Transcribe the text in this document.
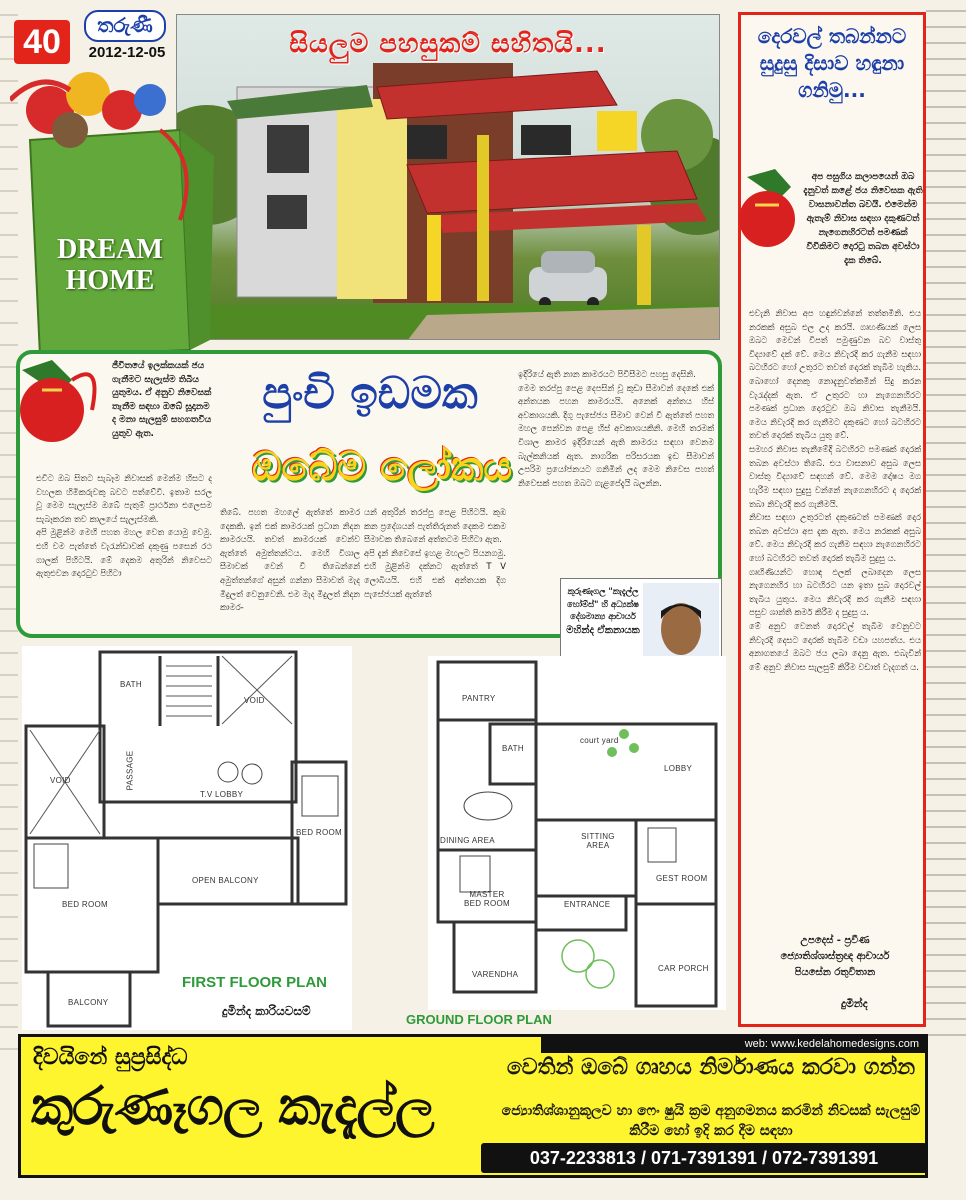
40	තරුණී
2012-12-05	සියලුම පහසුකම් සහිතයි...
DREAM HOME
ජීවිතයේ ඉලක්කයක් ජය ගැනීමට සැලැස්ම තිබිය යුතුමය. ඒ අනුව නිවෙසක් තැනීම සඳහා ඔබේ සූදානම ද මනා සැලසුම් සහගතවිය යුතුව ඇත.
පුංචි ඉඩමක
ඔබේම ලෝකය
එවිට ඔබ සිතට සැබෑම නිවාසක් මෙන්ම හිසට ද වහලක හිමිකරුවකු බවට පත්වේවි. ඉතාම සරල වූ මෙම සැලැස්ම ඔබේ පැතුම් ප්‍රාර්ථනා එලෙසම සැබෑකරන තව කාලයේ සැලැස්මකි.
අපි මුළින්ම මෙහි පහත මහල වෙත යොමු වෙමු. එහි වම පැත්තේ වැරැන්ඩාවක් දකුණු පසෙන් රථ ගාලක් පිහිටයි. මේ දෙකම අතුරින් නිවෙසට ඇතුළුවන දොරටුව පිහිටා
තිබේ. පහත මහලේ ඇත්තේ කාමර දෙකකි. ඉන් එක් කාමරයක් ප්‍රධාන නිදන කාමරයයි. තවත් කාමරයක් වෙන්ව ඇත්තේ අමුත්තන්ටය. මෙහි විශාල සීමාවක් වෙන් වී තිබෙන්නේ අමුත්තන්ගේ අසුන් ගන්නා සීමාවත් මැද මිදුලත් වෙනුවෙනි. එම මැද මිදුලත් නිදන කාමර-
යන් අතුරින් තරප්පු පෙළ පිහිටයි. කුඹ කන ප්‍රදේශයන් පැත්තිරුනත් දෙකම එකම සීමාවක තිබෙනේ අත්තටම පිහිටා ඇත.
අපි දැන් නිවෙසේ ඉහළ මහලට පියනගමු. එහි මුළින්ම දක්නට ඇත්තේ T V ලොබියයි. එහි එක් අන්තයක දිග පැසේජයක් ඇත්තේ
ඉදිරියේ ඇති නාන කාමරයට පිවිසීමට පහසු දෙසිනි.
මෙම තරප්පු පෙළ දෙපසින් වූ කුඩා සීමාවන් දෙකේ එක් අන්තයක පහන කාමරයයි. අනෙක් අන්තය හිස් අවකාශයකි. දිගු පැසේජය සීමාව වෙන් වී ඇත්තේ පහත මහල පෙන්වන පෙළ හිස් අවකාශයකිනි. මෙහි තරමක් විශාල කාමර ඉදිරියෙන් ඇති කාමරය සඳහා වෙනම බැල්කනියක් ඇත. නාගරික පරිසරයක ඉඩ සීමාවන් උපරිම ප්‍රයෝජනයට ගනිමින් ලද මෙම නිවෙස පහත් නිවෙසක් පහත ඔබට ගැළපේදැයි බලන්න.
කුරුණෑගල "කැදැල්ල හෝම්ස්" හි අධ්‍යක්ෂ දේශමාන්‍ය ආචාර්ය
මහින්ද ඒකනායක
BATH
VOID
VOID	PASSAGE
T.V LOBBY
BED ROOM
OPEN BALCONY
BED ROOM
BALCONY
FIRST FLOOR PLAN
දුමින්ද කාරියවසම්
PANTRY
BATH
court yard
LOBBY
DINING AREA	SITTING AREA
MASTER BED ROOM
GEST ROOM
ENTRANCE
VARENDHA
CAR PORCH
GROUND FLOOR PLAN
දෙරවල් තබන්නට සුදුසු දිසාව හඳුනා ගනිමු...
අප පසුගිය කලාපයෙන් ඔබ දැනුවත් කළේ ජය නිවෙසක ඇති වාසනාවන්ත බවයි. එමෙන්ම ඇතැම් නිවාස සඳහා දකුණටත් නැගෙනහිරටත් පමණක් විවිකිමට දොරටු තබන අවස්ථා දැක තිබේ.
එවැනි නිවාස අප හඳුන්වන්නේ තත්තමිනි. එය නරකක් අසුබ එල උද කරයි. ගෘහණියක් ලෙස ඔබට මෙවන් විපත් පමුණුවන බව වාස්තු විද්‍යාවේ දක් වේ. මෙය නිවැරදි කර ගැනීම සඳහා බටහිරට හෝ උතුරට තවත් දොරක් තැබීම හැකිය. බොහෝ දෙනකු නොදැනුවත්කමින් සිදු කරන වැරැද්දක් ඇත. ඒ උතුරට හා නැගෙනහිරට පමණක් ප්‍රධාන දොරටුව ඔබ නිවාස තැනීමයි. මෙය නිවැරදි කර ගැනීමට දකුණට හෝ බටහිරට තවත් දොරක් තැබිය යුතු වේ.
සමහර නිවාස තැනීමේදී බටහිරට පමණක් දොරක් තබන අවස්ථා තිබේ. එය වාසනාව අසුබ ලෙස වාස්තු විද්‍යාවේ සඳහන් වේ. මෙම දෝෂය මග හැරීම සඳහා සුදුසු වන්නේ නැගෙනහිරට ද දොරක් තබා නිවැරදි කර ගැනීමයි.
නිවාස සඳහා උතුරටත් දකුණටත් පමණක් දොර තබන අවස්ථා අප දැක ඇත. මෙය නරකක් අසුබ වේ. මෙය නිවැරදි කර ගැනීම සඳහා නැගෙනහිරට හෝ බටහිරට තවත් දොරක් තැබීම සුදුසු ය.
ගෘහිණියන්ට හොඳ ඵලක් ලබාදෙන ලෙස නැගෙනහිර හා බටහිරට යන ඉතා සුබ දොරවල් තැබිය යුතුය. මෙය නිවැරදි කර ගැනීම සඳහා පසුව ශාන්ති කර්ම කිරීම ද සුදුසු ය.
මේ අනුව වෙනත් දොරවල් තැබීම වෙනුවට නිවැරදි දෙසට දොරක් තැබීම වඩා යහපත්ය. එය අනාගතයේ ඔබට ජය ලබා දෙනු ඇත. එබැවින් මේ අනුව නිවාස සැලසුම් කිරීම වඩාත් වැදගත් ය.
උපදෙස් - ප්‍රවීණ
ජ්‍යොතිශ්ශාස්ත්‍රඥ ආචාර්ය
පියසේන රතුවිතාන
දුමින්ද
web: www.kedelahomedesigns.com
දිවයිනේ සුප්‍රසිද්ධ
කුරුණෑගල කැදැල්ල
වෙතින් ඔබේ ගෘහය නිර්මාණය කරවා ගන්න
ජ්‍යොතිශ්ශානුකූලව හා ෆෙං ෂුයි ක්‍රම අනුගමනය කරමින් නිවසක් සැලසුම් කිරීම හෝ ඉදි කර දීම සඳහා
037-2233813 / 071-7391391 / 072-7391391
